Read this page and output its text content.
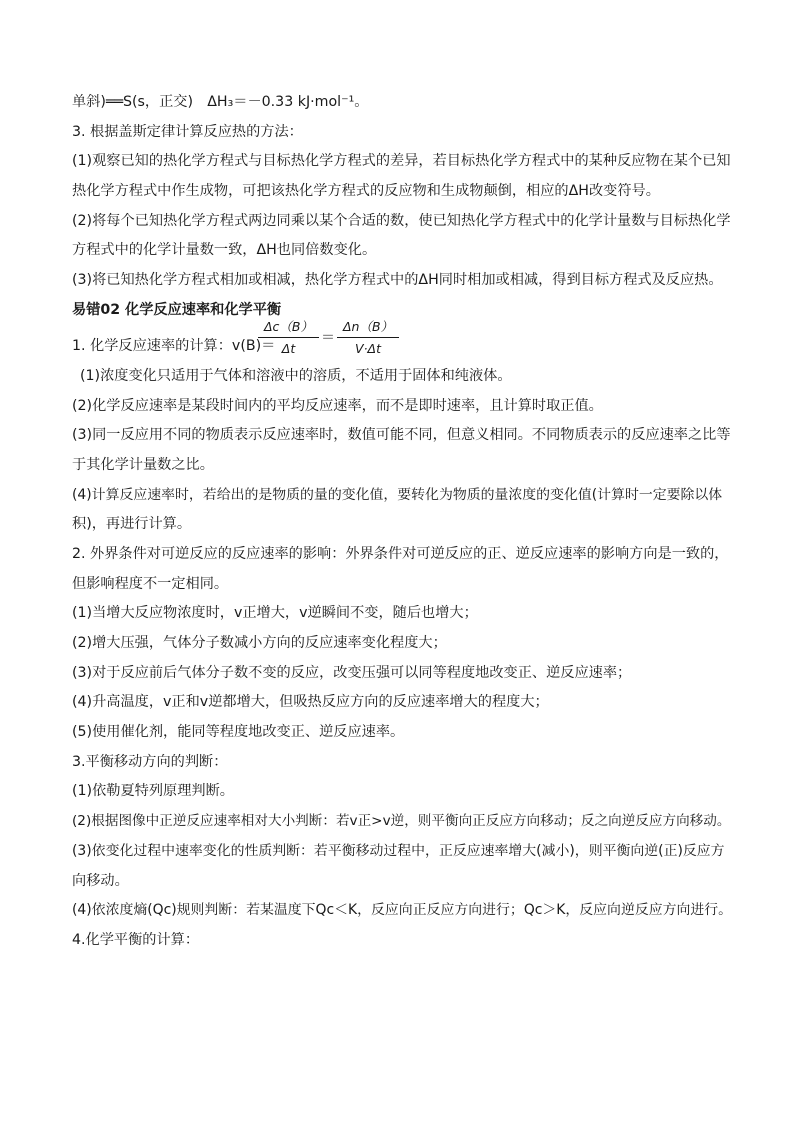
单斜)══S(s，正交)　ΔH₃＝－0.33 kJ·mol⁻¹。
3. 根据盖斯定律计算反应热的方法：
(1)观察已知的热化学方程式与目标热化学方程式的差异，若目标热化学方程式中的某种反应物在某个已知
热化学方程式中作生成物，可把该热化学方程式的反应物和生成物颠倒，相应的ΔH改变符号。
(2)将每个已知热化学方程式两边同乘以某个合适的数，使已知热化学方程式中的化学计量数与目标热化学
方程式中的化学计量数一致，ΔH也同倍数变化。
(3)将已知热化学方程式相加或相减，热化学方程式中的ΔH同时相加或相减，得到目标方程式及反应热。
易错02 化学反应速率和化学平衡
1. 化学反应速率的计算：v(B)＝
$\frac{\Delta c(B)}{\Delta t} = \frac{\Delta n(B)}{V\cdot\Delta t}$
(1)浓度变化只适用于气体和溶液中的溶质，不适用于固体和纯液体。
(2)化学反应速率是某段时间内的平均反应速率，而不是即时速率，且计算时取正值。
(3)同一反应用不同的物质表示反应速率时，数值可能不同，但意义相同。不同物质表示的反应速率之比等
于其化学计量数之比。
(4)计算反应速率时，若给出的是物质的量的变化值，要转化为物质的量浓度的变化值(计算时一定要除以体
积)，再进行计算。
2. 外界条件对可逆反应的反应速率的影响：外界条件对可逆反应的正、逆反应速率的影响方向是一致的，
但影响程度不一定相同。
(1)当增大反应物浓度时，v正增大，v逆瞬间不变，随后也增大；
(2)增大压强，气体分子数减小方向的反应速率变化程度大；
(3)对于反应前后气体分子数不变的反应，改变压强可以同等程度地改变正、逆反应速率；
(4)升高温度，v正和v逆都增大，但吸热反应方向的反应速率增大的程度大；
(5)使用催化剂，能同等程度地改变正、逆反应速率。
3.平衡移动方向的判断：
(1)依勒夏特列原理判断。
(2)根据图像中正逆反应速率相对大小判断：若v正>v逆，则平衡向正反应方向移动；反之向逆反应方向移动。
(3)依变化过程中速率变化的性质判断：若平衡移动过程中，正反应速率增大(减小)，则平衡向逆(正)反应方
向移动。
(4)依浓度熵(Qc)规则判断：若某温度下Qc＜K，反应向正反应方向进行；Qc＞K，反应向逆反应方向进行。
4.化学平衡的计算：
